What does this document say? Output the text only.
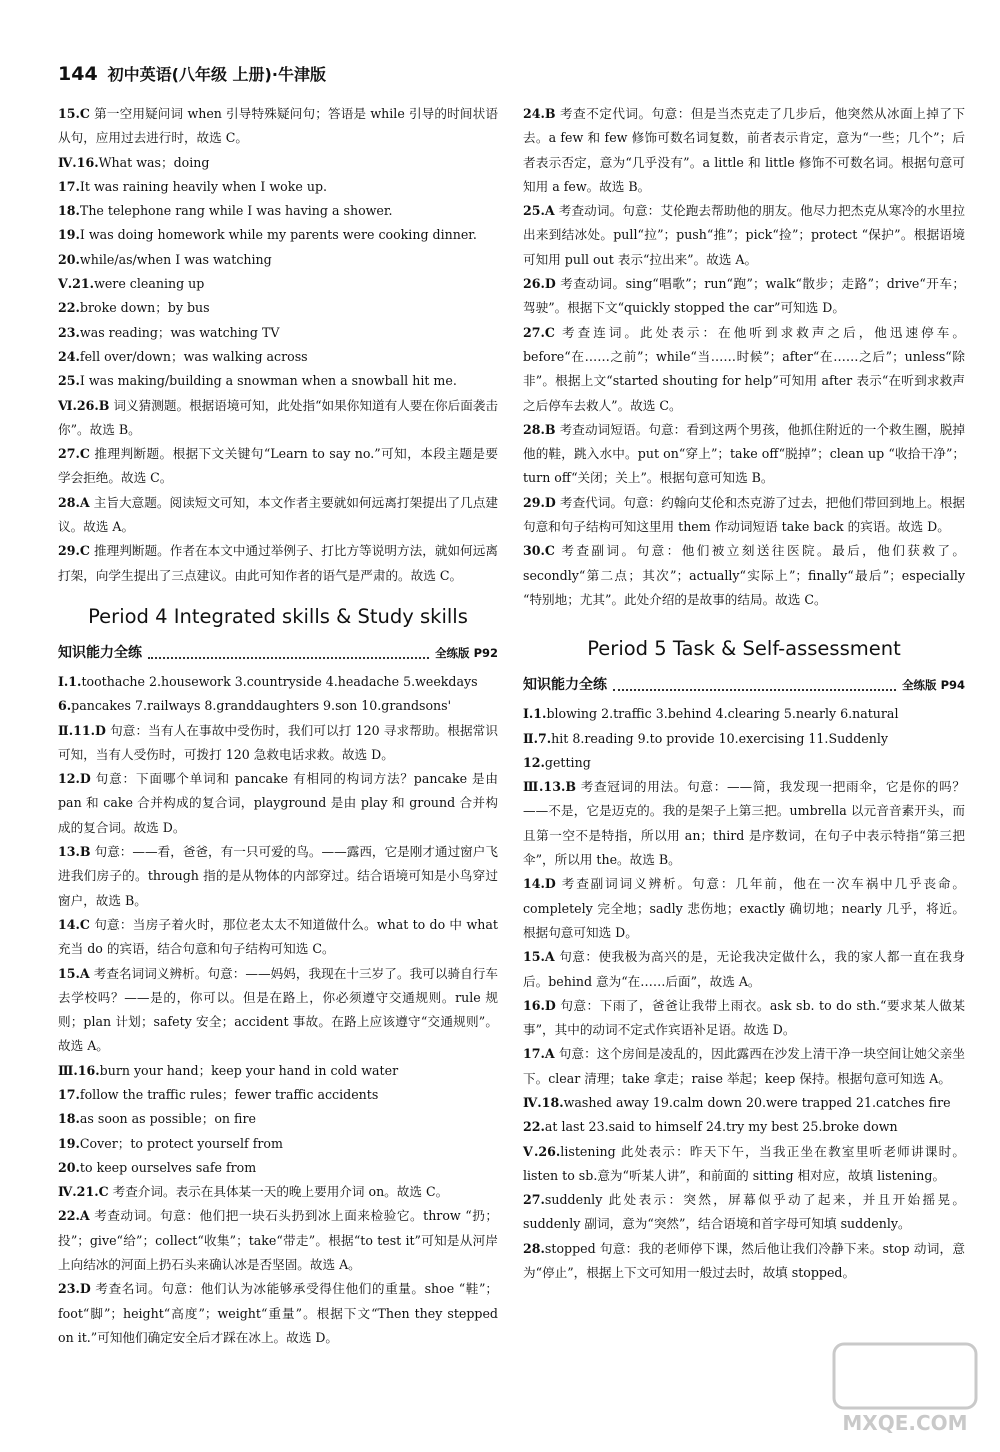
144 初中英语(八年级 上册)·牛津版
15.C 第一空用疑问词 when 引导特殊疑问句；答语是 while 引导的时间状语从句，应用过去进行时，故选 C。
Ⅳ.16.What was；doing
17.It was raining heavily when I woke up.
18.The telephone rang while I was having a shower.
19.I was doing homework while my parents were cooking dinner.
20.while/as/when I was watching
Ⅴ.21.were cleaning up
22.broke down；by bus
23.was reading；was watching TV
24.fell over/down；was walking across
25.I was making/building a snowman when a snowball hit me.
Ⅵ.26.B 词义猜测题。根据语境可知，此处指“如果你知道有人要在你后面袭击你”。故选 B。
27.C 推理判断题。根据下文关键句“Learn to say no.”可知，本段主题是要学会拒绝。故选 C。
28.A 主旨大意题。阅读短文可知，本文作者主要就如何远离打架提出了几点建议。故选 A。
29.C 推理判断题。作者在本文中通过举例子、打比方等说明方法，就如何远离打架，向学生提出了三点建议。由此可知作者的语气是严肃的。故选 C。
Period 4 Integrated skills & Study skills
知识能力全练	全练版 P92
Ⅰ.1.toothache 2.housework 3.countryside 4.headache 5.weekdays
6.pancakes 7.railways 8.granddaughters 9.son 10.grandsons'
Ⅱ.11.D 句意：当有人在事故中受伤时，我们可以打 120 寻求帮助。根据常识可知，当有人受伤时，可拨打 120 急救电话求救。故选 D。
12.D 句意：下面哪个单词和 pancake 有相同的构词方法？pancake 是由 pan 和 cake 合并构成的复合词，playground 是由 play 和 ground 合并构成的复合词。故选 D。
13.B 句意：——看，爸爸，有一只可爱的鸟。——露西，它是刚才通过窗户飞进我们房子的。through 指的是从物体的内部穿过。结合语境可知是小鸟穿过窗户，故选 B。
14.C 句意：当房子着火时，那位老太太不知道做什么。what to do 中 what 充当 do 的宾语，结合句意和句子结构可知选 C。
15.A 考查名词词义辨析。句意：——妈妈，我现在十三岁了。我可以骑自行车去学校吗？——是的，你可以。但是在路上，你必须遵守交通规则。rule 规则；plan 计划；safety 安全；accident 事故。在路上应该遵守“交通规则”。故选 A。
Ⅲ.16.burn your hand；keep your hand in cold water
17.follow the traffic rules；fewer traffic accidents
18.as soon as possible；on fire
19.Cover；to protect yourself from
20.to keep ourselves safe from
Ⅳ.21.C 考查介词。表示在具体某一天的晚上要用介词 on。故选 C。
22.A 考查动词。句意：他们把一块石头扔到冰上面来检验它。throw “扔；投”；give“给”；collect“收集”；take“带走”。根据“to test it”可知是从河岸上向结冰的河面上扔石头来确认冰是否坚固。故选 A。
23.D 考查名词。句意：他们认为冰能够承受得住他们的重量。shoe “鞋”；foot“脚”；height“高度”；weight“重量”。根据下文“Then they stepped on it.”可知他们确定安全后才踩在冰上。故选 D。
24.B 考查不定代词。句意：但是当杰克走了几步后，他突然从冰面上掉了下去。a few 和 few 修饰可数名词复数，前者表示肯定，意为“一些；几个”；后者表示否定，意为“几乎没有”。a little 和 little 修饰不可数名词。根据句意可知用 a few。故选 B。
25.A 考查动词。句意：艾伦跑去帮助他的朋友。他尽力把杰克从寒冷的水里拉出来到结冰处。pull“拉”；push“推”；pick“捡”；protect “保护”。根据语境可知用 pull out 表示“拉出来”。故选 A。
26.D 考查动词。sing“唱歌”；run“跑”；walk“散步；走路”；drive“开车；驾驶”。根据下文“quickly stopped the car”可知选 D。
27.C 考查连词。此处表示：在他听到求救声之后，他迅速停车。before“在……之前”；while“当……时候”；after“在……之后”；unless“除非”。根据上文“started shouting for help”可知用 after 表示“在听到求救声之后停车去救人”。故选 C。
28.B 考查动词短语。句意：看到这两个男孩，他抓住附近的一个救生圈，脱掉他的鞋，跳入水中。put on“穿上”；take off“脱掉”；clean up “收拾干净”；turn off“关闭；关上”。根据句意可知选 B。
29.D 考查代词。句意：约翰向艾伦和杰克游了过去，把他们带回到地上。根据句意和句子结构可知这里用 them 作动词短语 take back 的宾语。故选 D。
30.C 考查副词。句意：他们被立刻送往医院。最后，他们获救了。secondly“第二点；其次”；actually“实际上”；finally“最后”；especially “特别地；尤其”。此处介绍的是故事的结局。故选 C。
Period 5 Task & Self-assessment
知识能力全练	全练版 P94
Ⅰ.1.blowing 2.traffic 3.behind 4.clearing 5.nearly 6.natural
Ⅱ.7.hit 8.reading 9.to provide 10.exercising 11.Suddenly
12.getting
Ⅲ.13.B 考查冠词的用法。句意：——简，我发现一把雨伞，它是你的吗？——不是，它是迈克的。我的是架子上第三把。umbrella 以元音音素开头，而且第一空不是特指，所以用 an；third 是序数词，在句子中表示特指“第三把伞”，所以用 the。故选 B。
14.D 考查副词词义辨析。句意：几年前，他在一次车祸中几乎丧命。completely 完全地；sadly 悲伤地；exactly 确切地；nearly 几乎，将近。根据句意可知选 D。
15.A 句意：使我极为高兴的是，无论我决定做什么，我的家人都一直在我身后。behind 意为“在……后面”，故选 A。
16.D 句意：下雨了，爸爸让我带上雨衣。ask sb. to do sth.“要求某人做某事”，其中的动词不定式作宾语补足语。故选 D。
17.A 句意：这个房间是凌乱的，因此露西在沙发上清干净一块空间让她父亲坐下。clear 清理；take 拿走；raise 举起；keep 保持。根据句意可知选 A。
Ⅳ.18.washed away 19.calm down 20.were trapped 21.catches fire
22.at last 23.said to himself 24.try my best 25.broke down
Ⅴ.26.listening 此处表示：昨天下午，当我正坐在教室里听老师讲课时。listen to sb.意为“听某人讲”，和前面的 sitting 相对应，故填 listening。
27.suddenly 此处表示：突然，屏幕似乎动了起来，并且开始摇晃。suddenly 副词，意为“突然”，结合语境和首字母可知填 suddenly。
28.stopped 句意：我的老师停下课，然后他让我们冷静下来。stop 动词，意为“停止”，根据上下文可知用一般过去时，故填 stopped。
MXQE.COM
